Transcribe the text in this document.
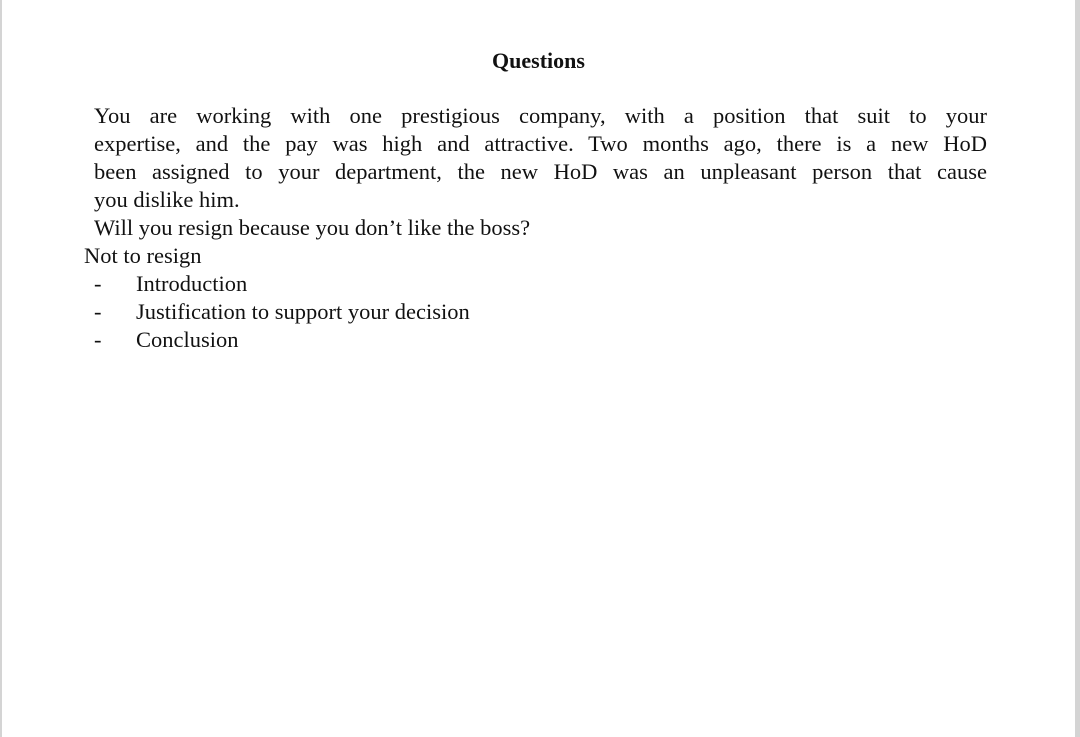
Questions
You are working with one prestigious company, with a position that suit to your
expertise, and the pay was high and attractive. Two months ago, there is a new HoD
been assigned to your department, the new HoD was an unpleasant person that cause
you dislike him.
Will you resign because you don’t like the boss?
Not to resign
- Introduction
- Justification to support your decision
- Conclusion
